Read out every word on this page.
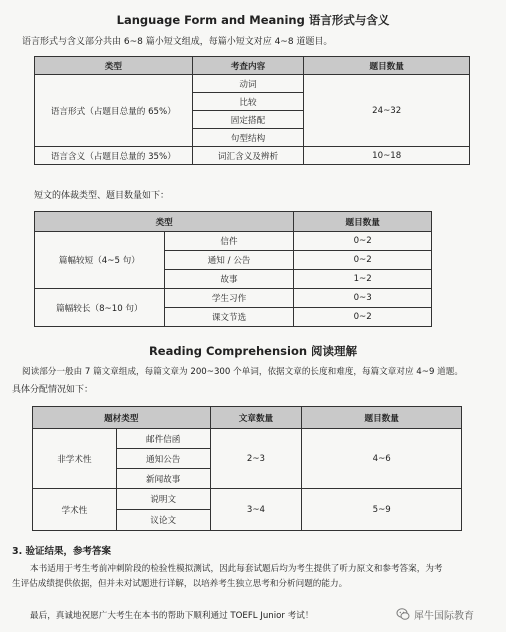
Language Form and Meaning 语言形式与含义
语言形式与含义部分共由 6~8 篇小短文组成，每篇小短文对应 4~8 道题目。
类型	考查内容	题目数量
语言形式（占题目总量的 65%）	动词	24~32
	比较	
	固定搭配	
	句型结构	
语言含义（占题目总量的 35%）	词汇含义及辨析	10~18
短文的体裁类型、题目数量如下：
类型		题目数量
篇幅较短（4~5 句）	信件	0~2
	通知 / 公告	0~2
	故事	1~2
篇幅较长（8~10 句）	学生习作	0~3
	课文节选	0~2
Reading Comprehension 阅读理解
阅读部分一般由 7 篇文章组成，每篇文章为 200~300 个单词，依据文章的长度和难度，每篇文章对应 4~9 道题。
具体分配情况如下：
题材类型		文章数量	题目数量
非学术性	邮件信函	2~3	4~6
	通知公告		
	新闻故事		
学术性	说明文	3~4	5~9
	议论文		
3. 验证结果，参考答案
本书适用于考生考前冲刺阶段的检验性模拟测试，因此每套试题后均为考生提供了听力原文和参考答案，为考
生评估成绩提供依据，但并未对试题进行详解，以培养考生独立思考和分析问题的能力。
最后，真诚地祝愿广大考生在本书的帮助下顺利通过 TOEFL Junior 考试！	犀牛国际教育
